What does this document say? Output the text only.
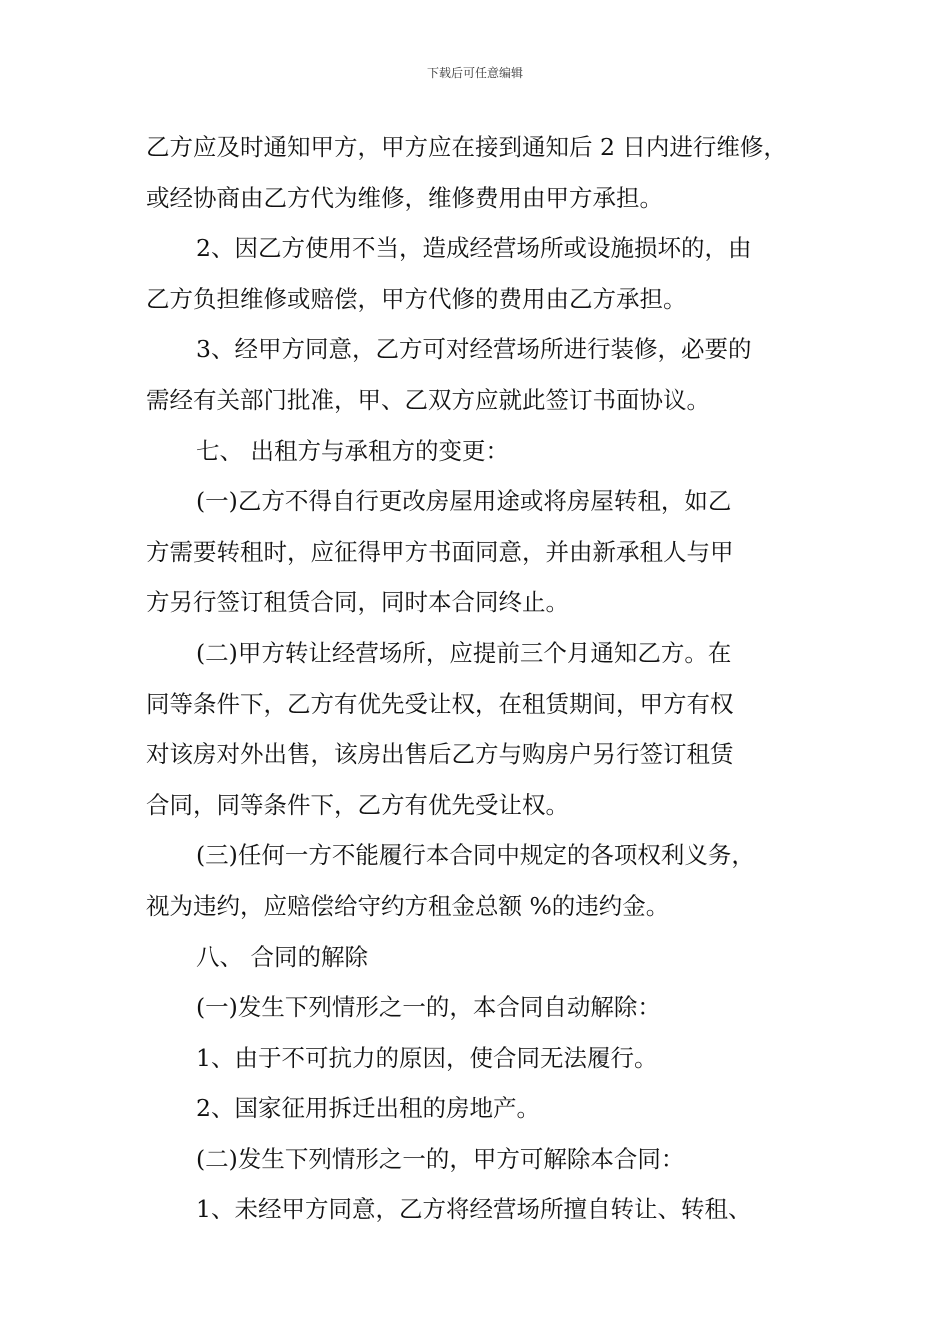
下载后可任意编辑
乙方应及时通知甲方，甲方应在接到通知后 2 日内进行维修，
或经协商由乙方代为维修，维修费用由甲方承担。
2、因乙方使用不当，造成经营场所或设施损坏的，由
乙方负担维修或赔偿，甲方代修的费用由乙方承担。
3、经甲方同意，乙方可对经营场所进行装修，必要的
需经有关部门批准，甲、乙双方应就此签订书面协议。
七、 出租方与承租方的变更：
(一)乙方不得自行更改房屋用途或将房屋转租，如乙
方需要转租时，应征得甲方书面同意，并由新承租人与甲
方另行签订租赁合同，同时本合同终止。
(二)甲方转让经营场所，应提前三个月通知乙方。在
同等条件下，乙方有优先受让权，在租赁期间，甲方有权
对该房对外出售，该房出售后乙方与购房户另行签订租赁
合同，同等条件下，乙方有优先受让权。
(三)任何一方不能履行本合同中规定的各项权利义务，
视为违约，应赔偿给守约方租金总额 %的违约金。
八、 合同的解除
(一)发生下列情形之一的，本合同自动解除：
1、由于不可抗力的原因，使合同无法履行。
2、国家征用拆迁出租的房地产。
(二)发生下列情形之一的，甲方可解除本合同：
1、未经甲方同意，乙方将经营场所擅自转让、转租、
